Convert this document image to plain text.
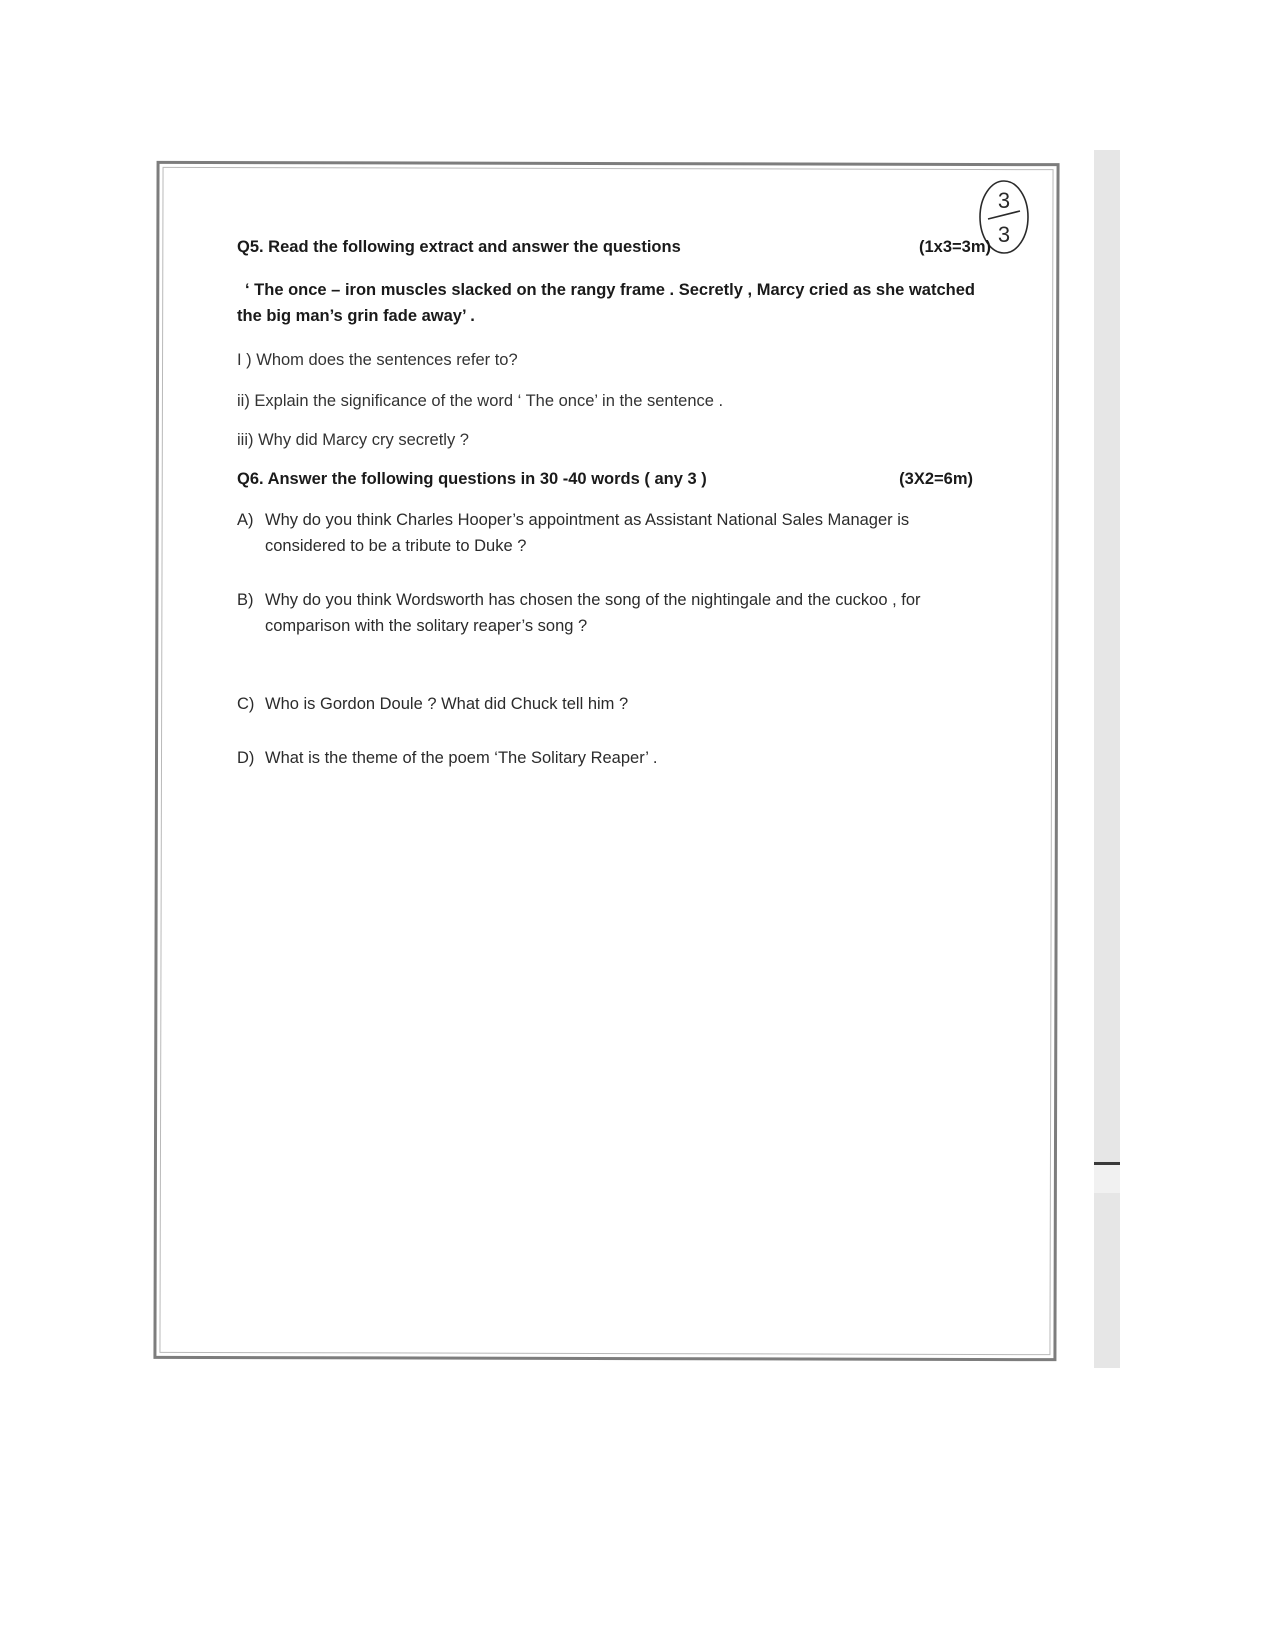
3
3
Q5. Read the following extract and answer the questions	(1x3=3m)
‘ The once – iron muscles slacked on the rangy frame . Secretly , Marcy cried as she watched the big man’s grin fade away’ .
I ) Whom does the sentences refer to?
ii) Explain the significance of the word ‘ The once’ in the sentence .
iii) Why did Marcy cry secretly ?
Q6. Answer the following questions in 30 -40 words ( any 3 )	(3X2=6m)
A) Why do you think Charles Hooper’s appointment as Assistant National Sales Manager is considered to be a tribute to Duke ?
B) Why do you think Wordsworth has chosen the song of the nightingale and the cuckoo , for comparison with the solitary reaper’s song ?
C) Who is Gordon Doule ? What did Chuck tell him ?
D) What is the theme of the poem ‘The Solitary Reaper’ .
